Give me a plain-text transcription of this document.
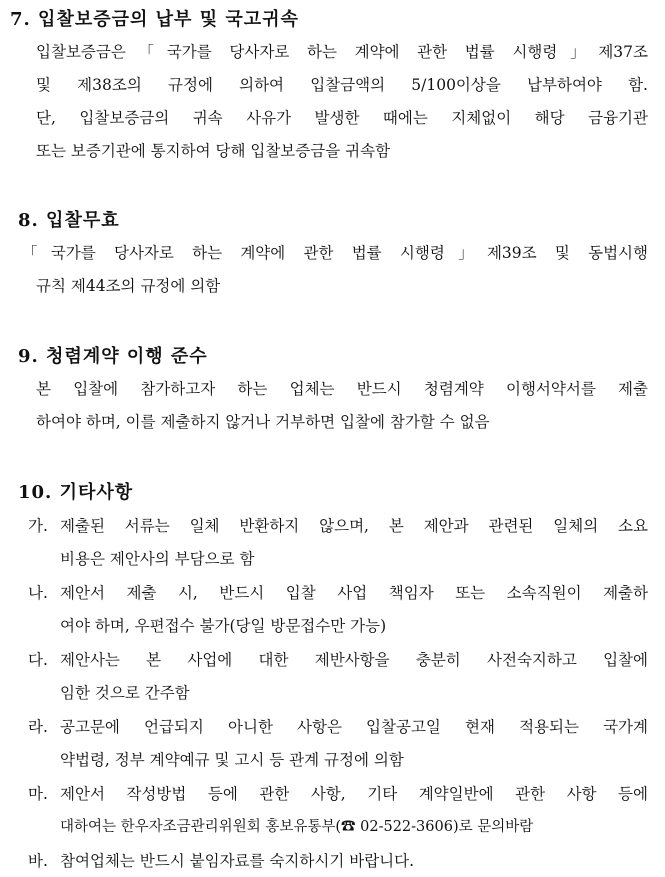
7. 입찰보증금의 납부 및 국고귀속
입찰보증금은「국가를 당사자로 하는 계약에 관한 법률 시행령」제37조
및 제38조의 규정에 의하여 입찰금액의 5/100이상을 납부하여야 함.
단, 입찰보증금의 귀속 사유가 발생한 때에는 지체없이 해당 금융기관
또는 보증기관에 통지하여 당해 입찰보증금을 귀속함
8. 입찰무효
「국가를 당사자로 하는 계약에 관한 법률 시행령」제39조 및 동법시행
규칙 제44조의 규정에 의함
9. 청렴계약 이행 준수
본 입찰에 참가하고자 하는 업체는 반드시 청렴계약 이행서약서를 제출
하여야 하며, 이를 제출하지 않거나 거부하면 입찰에 참가할 수 없음
10. 기타사항
가. 제출된 서류는 일체 반환하지 않으며, 본 제안과 관련된 일체의 소요
비용은 제안사의 부담으로 함
나. 제안서 제출 시, 반드시 입찰 사업 책임자 또는 소속직원이 제출하
여야 하며, 우편접수 불가(당일 방문접수만 가능)
다. 제안사는 본 사업에 대한 제반사항을 충분히 사전숙지하고 입찰에
임한 것으로 간주함
라. 공고문에 언급되지 아니한 사항은 입찰공고일 현재 적용되는 국가계
약법령, 정부 계약예규 및 고시 등 관계 규정에 의함
마. 제안서 작성방법 등에 관한 사항, 기타 계약일반에 관한 사항 등에
대하여는 한우자조금관리위원회 홍보유통부(☎ 02-522-3606)로 문의바람
바. 참여업체는 반드시 붙임자료를 숙지하시기 바랍니다.
